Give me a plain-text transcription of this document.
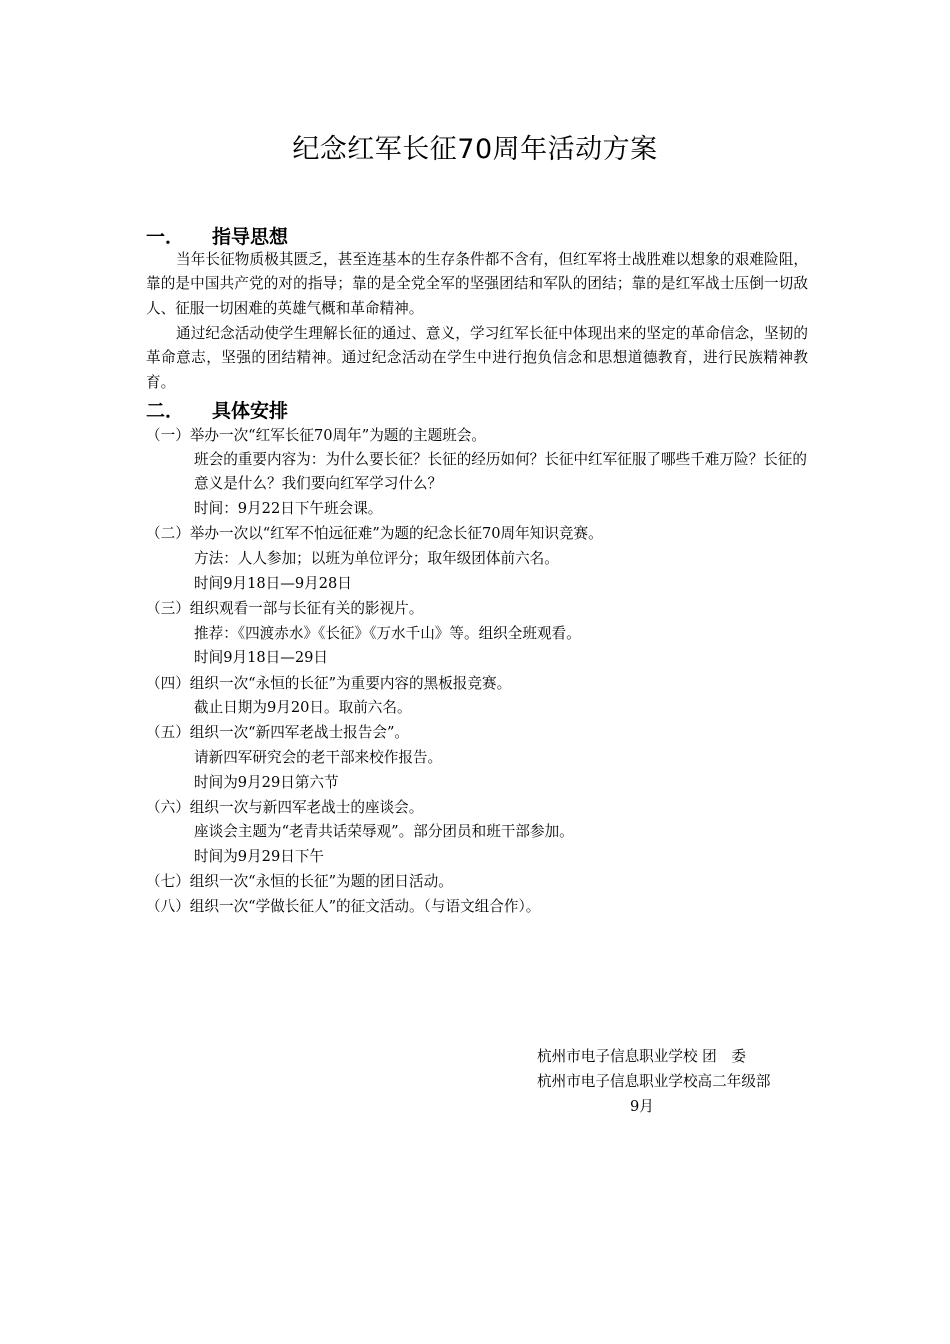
纪念红军长征70周年活动方案
一． 指导思想

当年长征物质极其匮乏，甚至连基本的生存条件都不含有，但红军将士战胜难以想象的艰难险阻，靠的是中国共产党的对的指导；靠的是全党全军的坚强团结和军队的团结；靠的是红军战士压倒一切敌人、征服一切困难的英雄气概和革命精神。

通过纪念活动使学生理解长征的通过、意义，学习红军长征中体现出来的坚定的革命信念，坚韧的革命意志，坚强的团结精神。通过纪念活动在学生中进行抱负信念和思想道德教育，进行民族精神教育。

二． 具体安排
（一）举办一次“红军长征70周年”为题的主题班会。
班会的重要内容为：为什么要长征？长征的经历如何？长征中红军征服了哪些千难万险？长征的意义是什么？我们要向红军学习什么？
时间：9月22日下午班会课。
（二）举办一次以“红军不怕远征难”为题的纪念长征70周年知识竞赛。
方法：人人参加；以班为单位评分；取年级团体前六名。
时间9月18日—9月28日
（三）组织观看一部与长征有关的影视片。
推荐：《四渡赤水》《长征》《万水千山》等。组织全班观看。
时间9月18日—29日
（四）组织一次“永恒的长征”为重要内容的黑板报竞赛。
截止日期为9月20日。取前六名。
（五）组织一次“新四军老战士报告会”。
请新四军研究会的老干部来校作报告。
时间为9月29日第六节
（六）组织一次与新四军老战士的座谈会。
座谈会主题为“老青共话荣辱观”。部分团员和班干部参加。
时间为9月29日下午
（七）组织一次“永恒的长征”为题的团日活动。
（八）组织一次“学做长征人”的征文活动。（与语文组合作）。
杭州市电子信息职业学校 团　委
杭州市电子信息职业学校高二年级部
9月
